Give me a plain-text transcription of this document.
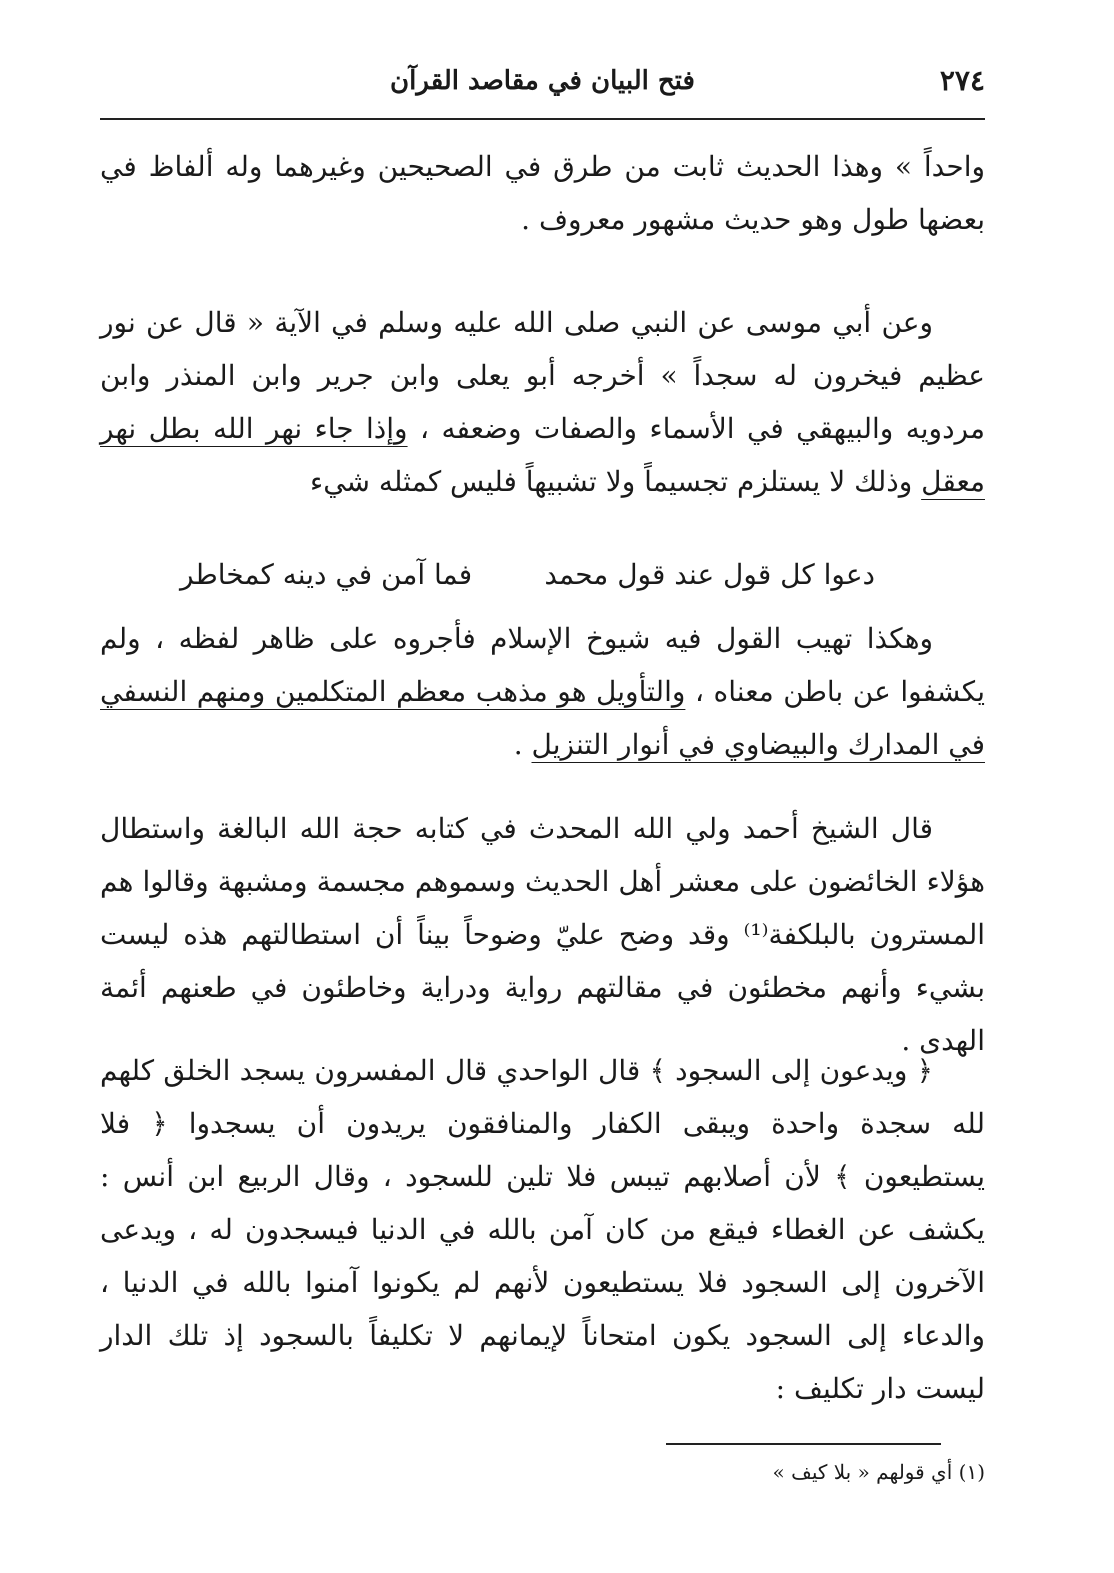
٢٧٤
فتح البيان في مقاصد القرآن

واحداً » وهذا الحديث ثابت من طرق في الصحيحين وغيرهما وله ألفاظ في بعضها طول وهو حديث مشهور معروف .

وعن أبي موسى عن النبي صلى الله عليه وسلم في الآية « قال عن نور عظيم فيخرون له سجداً » أخرجه أبو يعلى وابن جرير وابن المنذر وابن مردويه والبيهقي في الأسماء والصفات وضعفه ، وإذا جاء نهر الله بطل نهر معقل وذلك لا يستلزم تجسيماً ولا تشبيهاً فليس كمثله شيء

دعوا كل قول عند قول محمد
فما آمن في دينه كمخاطر

وهكذا تهيب القول فيه شيوخ الإسلام فأجروه على ظاهر لفظه ، ولم يكشفوا عن باطن معناه ، والتأويل هو مذهب معظم المتكلمين ومنهم النسفي في المدارك والبيضاوي في أنوار التنزيل .

قال الشيخ أحمد ولي الله المحدث في كتابه حجة الله البالغة واستطال هؤلاء الخائضون على معشر أهل الحديث وسموهم مجسمة ومشبهة وقالوا هم المسترون بالبلكفة⁽¹⁾ وقد وضح عليّ وضوحاً بيناً أن استطالتهم هذه ليست بشيء وأنهم مخطئون في مقالتهم رواية ودراية وخاطئون في طعنهم أئمة الهدى .

﴿ ويدعون إلى السجود ﴾ قال الواحدي قال المفسرون يسجد الخلق كلهم لله سجدة واحدة ويبقى الكفار والمنافقون يريدون أن يسجدوا ﴿ فلا يستطيعون ﴾ لأن أصلابهم تيبس فلا تلين للسجود ، وقال الربيع ابن أنس : يكشف عن الغطاء فيقع من كان آمن بالله في الدنيا فيسجدون له ، ويدعى الآخرون إلى السجود فلا يستطيعون لأنهم لم يكونوا آمنوا بالله في الدنيا ، والدعاء إلى السجود يكون امتحاناً لإيمانهم لا تكليفاً بالسجود إذ تلك الدار ليست دار تكليف :

(١) أي قولهم « بلا كيف »
